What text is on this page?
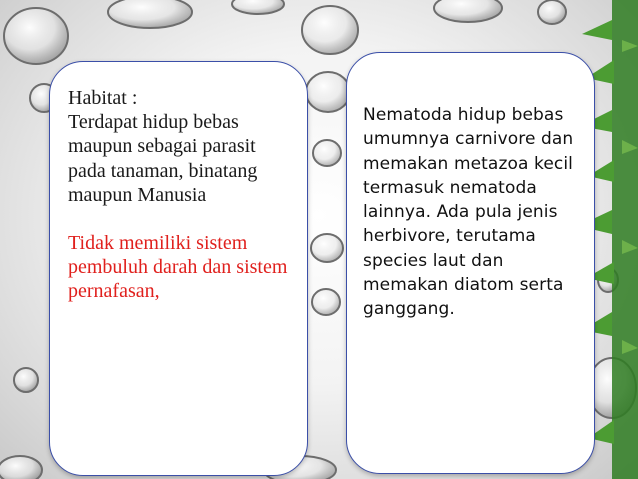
Habitat :

Terdapat hidup bebas maupun sebagai parasit pada tanaman, binatang maupun Manusia

Tidak memiliki sistem pembuluh darah dan sistem pernafasan,

Nematoda hidup bebas umumnya carnivore dan memakan metazoa kecil termasuk nematoda lainnya. Ada pula jenis herbivore, terutama species laut dan memakan diatom serta ganggang.
